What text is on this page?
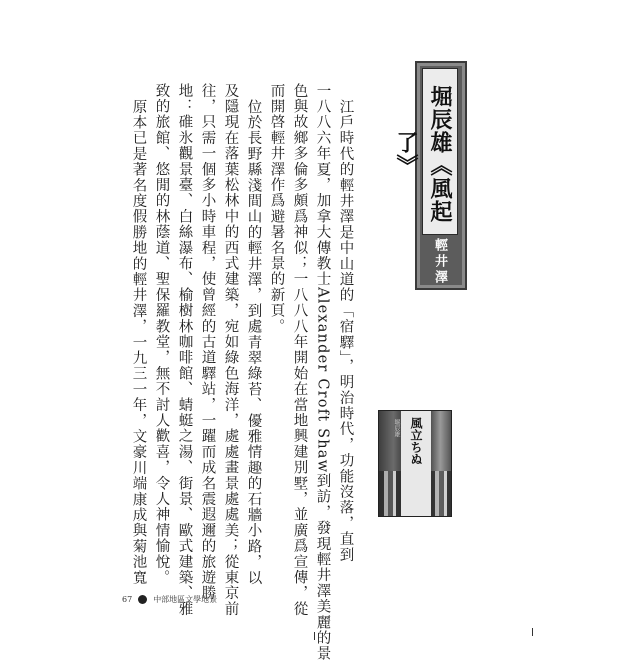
江戶時代的輕井澤是中山道的「宿驛」，明治時代，功能沒落，直到
一八八六年夏，加拿大傳教士Alexander Croft Shaw到訪，發現輕井澤美麗的景
色與故鄉多倫多頗爲神似；一八八八年開始在當地興建別墅，並廣爲宣傳，從
而開啓輕井澤作爲避暑名景的新頁。
位於長野縣淺間山的輕井澤，到處青翠綠苔、優雅情趣的石牆小路，以
及隱現在落葉松林中的西式建築，宛如綠色海洋，處處畫景處處美；從東京前
往，只需一個多小時車程，使曾經的古道驛站，一躍而成名震遐邇的旅遊勝
地：碓氷觀景臺、白絲瀑布、榆樹林咖啡館、蜻蜓之湯、街景、歐式建築、雅
致的旅館、悠閒的林蔭道、聖保羅教堂，無不討人歡喜，令人神情愉悅。
原本已是著名度假勝地的輕井澤，一九三一年，文豪川端康成與菊池寬	堀辰雄《風起了》
輕井澤
風立ちぬ
堀辰雄
67	中部地區文學地景
